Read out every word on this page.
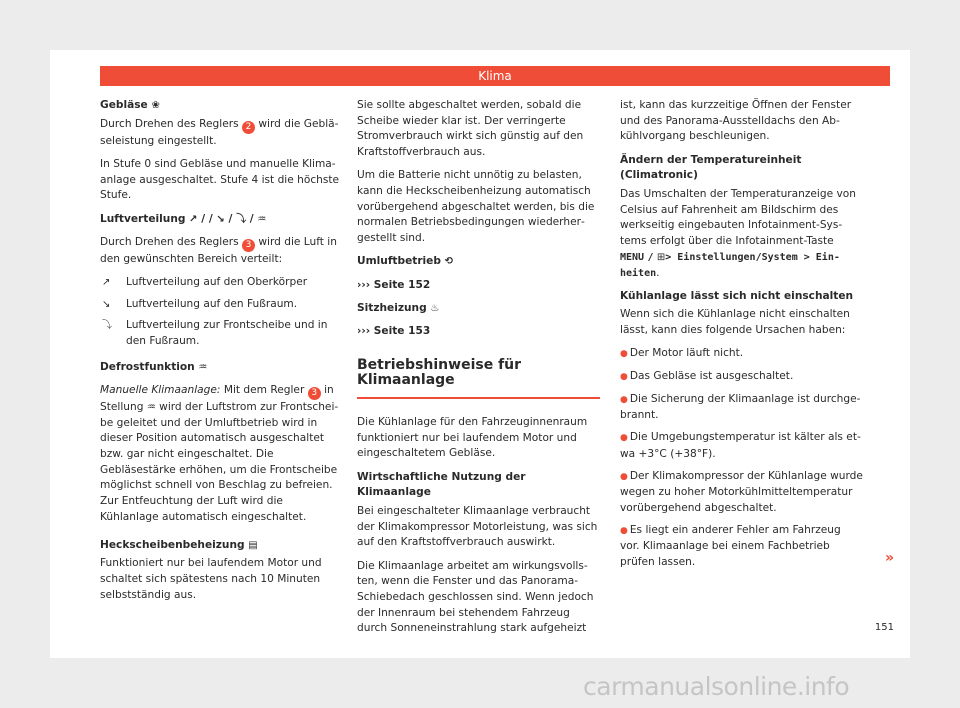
Klima

Gebläse ❀

Durch Drehen des Reglers 2 wird die Gebläseleistung eingestellt.

In Stufe 0 sind Gebläse und manuelle Klimaanlage ausgeschaltet. Stufe 4 ist die höchste Stufe.

Luftverteilung ↗ / / ↘ / ⤵ / ♒

Durch Drehen des Reglers 3 wird die Luft in den gewünschten Bereich verteilt:

↗	Luftverteilung auf den Oberkörper
↘	Luftverteilung auf den Fußraum.
⤵	Luftverteilung zur Frontscheibe und in den Fußraum.

Defrostfunktion ♒

Manuelle Klimaanlage: Mit dem Regler 3 in Stellung ♒ wird der Luftstrom zur Frontscheibe geleitet und der Umluftbetrieb wird in dieser Position automatisch ausgeschaltet bzw. gar nicht eingeschaltet. Die Gebläsestärke erhöhen, um die Frontscheibe möglichst schnell von Beschlag zu befreien. Zur Entfeuchtung der Luft wird die Kühlanlage automatisch eingeschaltet.

Heckscheibenbeheizung ▤

Funktioniert nur bei laufendem Motor und schaltet sich spätestens nach 10 Minuten selbstständig aus.

Sie sollte abgeschaltet werden, sobald die Scheibe wieder klar ist. Der verringerte Stromverbrauch wirkt sich günstig auf den Kraftstoffverbrauch aus.

Um die Batterie nicht unnötig zu belasten, kann die Heckscheibenheizung automatisch vorübergehend abgeschaltet werden, bis die normalen Betriebsbedingungen wiederhergestellt sind.

Umluftbetrieb ⟲

››› Seite 152

Sitzheizung ♨

››› Seite 153

Betriebshinweise für Klimaanlage

Die Kühlanlage für den Fahrzeuginnenraum funktioniert nur bei laufendem Motor und eingeschaltetem Gebläse.

Wirtschaftliche Nutzung der Klimaanlage

Bei eingeschalteter Klimaanlage verbraucht der Klimakompressor Motorleistung, was sich auf den Kraftstoffverbrauch auswirkt.

Die Klimaanlage arbeitet am wirkungsvollsten, wenn die Fenster und das Panorama-Schiebedach geschlossen sind. Wenn jedoch der Innenraum bei stehendem Fahrzeug durch Sonneneinstrahlung stark aufgeheizt

ist, kann das kurzzeitige Öffnen der Fenster und des Panorama-Ausstelldachs den Abkühlvorgang beschleunigen.

Ändern der Temperatureinheit (Climatronic)

Das Umschalten der Temperaturanzeige von Celsius auf Fahrenheit am Bildschirm des werkseitig eingebauten Infotainment-Systems erfolgt über die Infotainment-Taste
MENU / ⊞> Einstellungen/System > Einheiten.

Kühlanlage lässt sich nicht einschalten

Wenn sich die Kühlanlage nicht einschalten lässt, kann dies folgende Ursachen haben:

● Der Motor läuft nicht.

● Das Gebläse ist ausgeschaltet.

● Die Sicherung der Klimaanlage ist durchgebrannt.

● Die Umgebungstemperatur ist kälter als etwa +3°C (+38°F).

● Der Klimakompressor der Kühlanlage wurde wegen zu hoher Motorkühlmitteltemperatur vorübergehend abgeschaltet.

● Es liegt ein anderer Fehler am Fahrzeug vor. Klimaanlage bei einem Fachbetrieb prüfen lassen.	»
151
carmanualsonline.info
